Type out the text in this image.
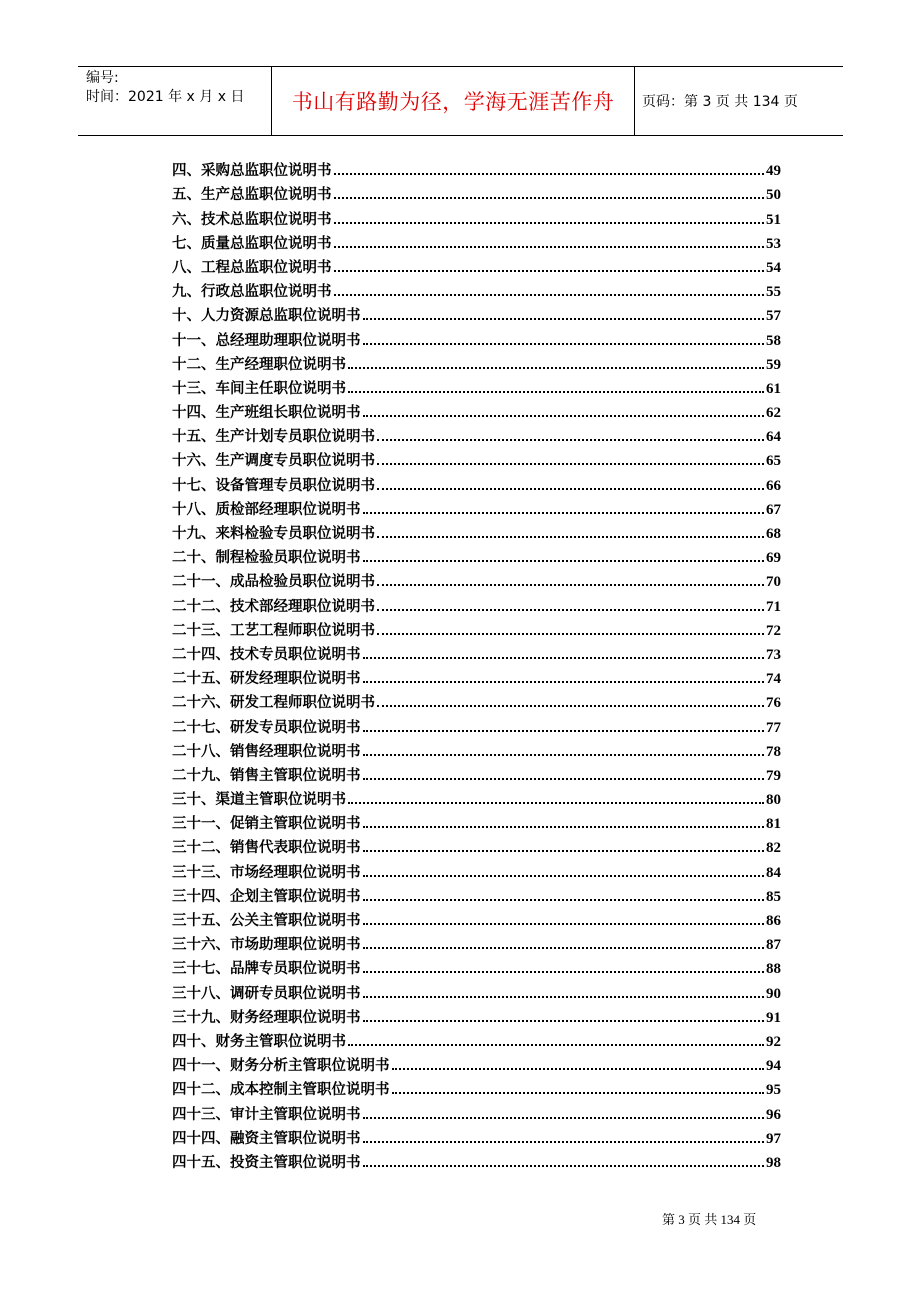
编号:
时间：2021 年 x 月 x 日	书山有路勤为径，学海无涯苦作舟	页码：第 3 页 共 134 页
四、采购总监职位说明书	49
五、生产总监职位说明书	50
六、技术总监职位说明书	51
七、质量总监职位说明书	53
八、工程总监职位说明书	54
九、行政总监职位说明书	55
十、人力资源总监职位说明书	57
十一、总经理助理职位说明书	58
十二、生产经理职位说明书	59
十三、车间主任职位说明书	61
十四、生产班组长职位说明书	62
十五、生产计划专员职位说明书	64
十六、生产调度专员职位说明书	65
十七、设备管理专员职位说明书	66
十八、质检部经理职位说明书	67
十九、来料检验专员职位说明书	68
二十、制程检验员职位说明书	69
二十一、成品检验员职位说明书	70
二十二、技术部经理职位说明书	71
二十三、工艺工程师职位说明书	72
二十四、技术专员职位说明书	73
二十五、研发经理职位说明书	74
二十六、研发工程师职位说明书	76
二十七、研发专员职位说明书	77
二十八、销售经理职位说明书	78
二十九、销售主管职位说明书	79
三十、渠道主管职位说明书	80
三十一、促销主管职位说明书	81
三十二、销售代表职位说明书	82
三十三、市场经理职位说明书	84
三十四、企划主管职位说明书	85
三十五、公关主管职位说明书	86
三十六、市场助理职位说明书	87
三十七、品牌专员职位说明书	88
三十八、调研专员职位说明书	90
三十九、财务经理职位说明书	91
四十、财务主管职位说明书	92
四十一、财务分析主管职位说明书	94
四十二、成本控制主管职位说明书	95
四十三、审计主管职位说明书	96
四十四、融资主管职位说明书	97
四十五、投资主管职位说明书	98
第 3 页 共 134 页
